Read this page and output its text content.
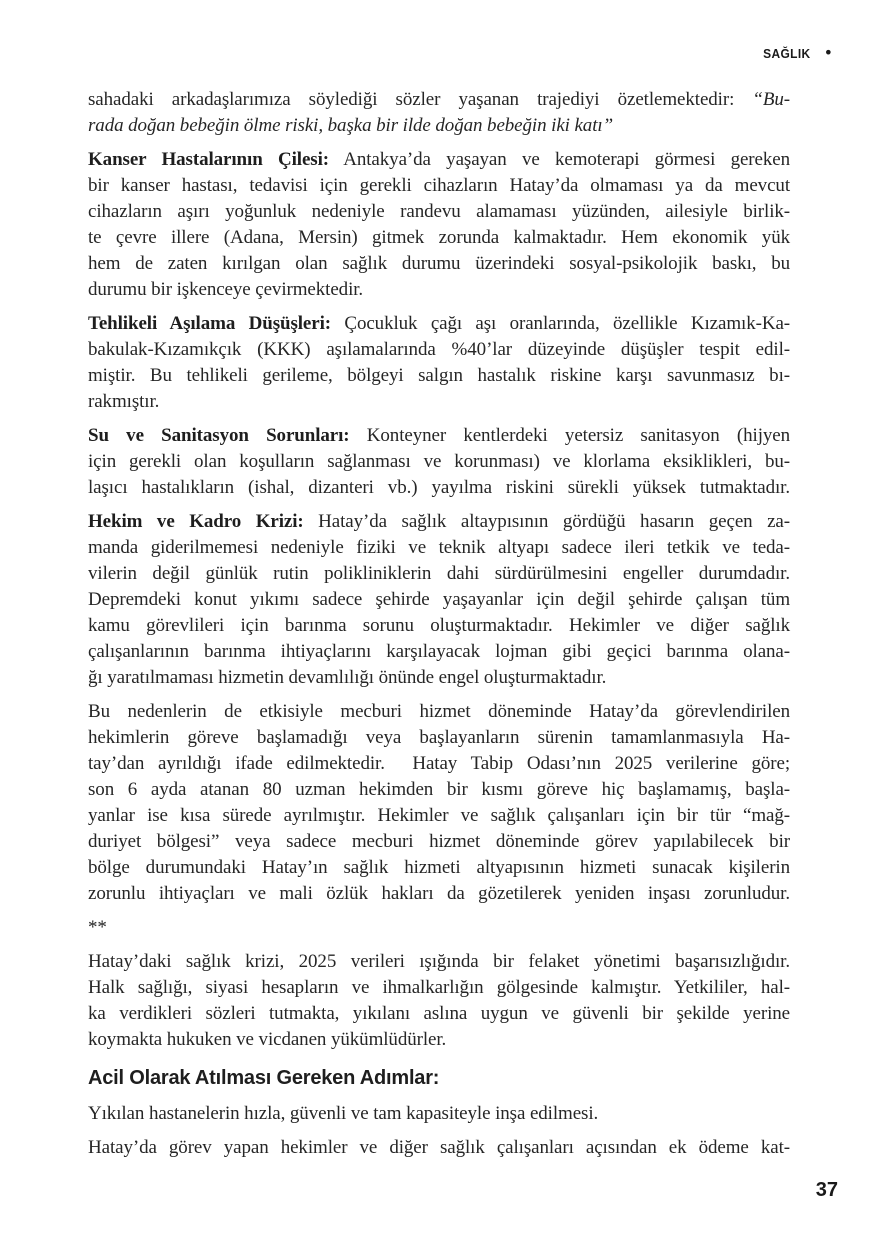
SAĞLIK •
sahadaki arkadaşlarımıza söylediği sözler yaşanan trajediyi özetlemektedir: “Bu-
rada doğan bebeğin ölme riski, başka bir ilde doğan bebeğin iki katı”
Kanser Hastalarının Çilesi: Antakya’da yaşayan ve kemoterapi görmesi gereken
bir kanser hastası, tedavisi için gerekli cihazların Hatay’da olmaması ya da mevcut
cihazların aşırı yoğunluk nedeniyle randevu alamaması yüzünden, ailesiyle birlik-
te çevre illere (Adana, Mersin) gitmek zorunda kalmaktadır. Hem ekonomik yük
hem de zaten kırılgan olan sağlık durumu üzerindeki sosyal-psikolojik baskı, bu
durumu bir işkenceye çevirmektedir.
Tehlikeli Aşılama Düşüşleri: Çocukluk çağı aşı oranlarında, özellikle Kızamık-Ka-
bakulak-Kızamıkçık (KKK) aşılamalarında %40’lar düzeyinde düşüşler tespit edil-
miştir. Bu tehlikeli gerileme, bölgeyi salgın hastalık riskine karşı savunmasız bı-
rakmıştır.
Su ve Sanitasyon Sorunları: Konteyner kentlerdeki yetersiz sanitasyon (hijyen
için gerekli olan koşulların sağlanması ve korunması) ve klorlama eksiklikleri, bu-
laşıcı hastalıkların (ishal, dizanteri vb.) yayılma riskini sürekli yüksek tutmaktadır.
Hekim ve Kadro Krizi: Hatay’da sağlık altaypısının gördüğü hasarın geçen za-
manda giderilmemesi nedeniyle fiziki ve teknik altyapı sadece ileri tetkik ve teda-
vilerin değil günlük rutin polikliniklerin dahi sürdürülmesini engeller durumdadır.
Depremdeki konut yıkımı sadece şehirde yaşayanlar için değil şehirde çalışan tüm
kamu görevlileri için barınma sorunu oluşturmaktadır. Hekimler ve diğer sağlık
çalışanlarının barınma ihtiyaçlarını karşılayacak lojman gibi geçici barınma olana-
ğı yaratılmaması hizmetin devamlılığı önünde engel oluşturmaktadır.
Bu nedenlerin de etkisiyle mecburi hizmet döneminde Hatay’da görevlendirilen
hekimlerin göreve başlamadığı veya başlayanların sürenin tamamlanmasıyla Ha-
tay’dan ayrıldığı ifade edilmektedir.  Hatay Tabip Odası’nın 2025 verilerine göre;
son 6 ayda atanan 80 uzman hekimden bir kısmı göreve hiç başlamamış, başla-
yanlar ise kısa sürede ayrılmıştır. Hekimler ve sağlık çalışanları için bir tür “mağ-
duriyet bölgesi” veya sadece mecburi hizmet döneminde görev yapılabilecek bir
bölge durumundaki Hatay’ın sağlık hizmeti altyapısının hizmeti sunacak kişilerin
zorunlu ihtiyaçları ve mali özlük hakları da gözetilerek yeniden inşası zorunludur.
**
Hatay’daki sağlık krizi, 2025 verileri ışığında bir felaket yönetimi başarısızlığıdır.
Halk sağlığı, siyasi hesapların ve ihmalkarlığın gölgesinde kalmıştır. Yetkililer, hal-
ka verdikleri sözleri tutmakta, yıkılanı aslına uygun ve güvenli bir şekilde yerine
koymakta hukuken ve vicdanen yükümlüdürler.
Acil Olarak Atılması Gereken Adımlar:
Yıkılan hastanelerin hızla, güvenli ve tam kapasiteyle inşa edilmesi.
Hatay’da görev yapan hekimler ve diğer sağlık çalışanları açısından ek ödeme kat-
37
